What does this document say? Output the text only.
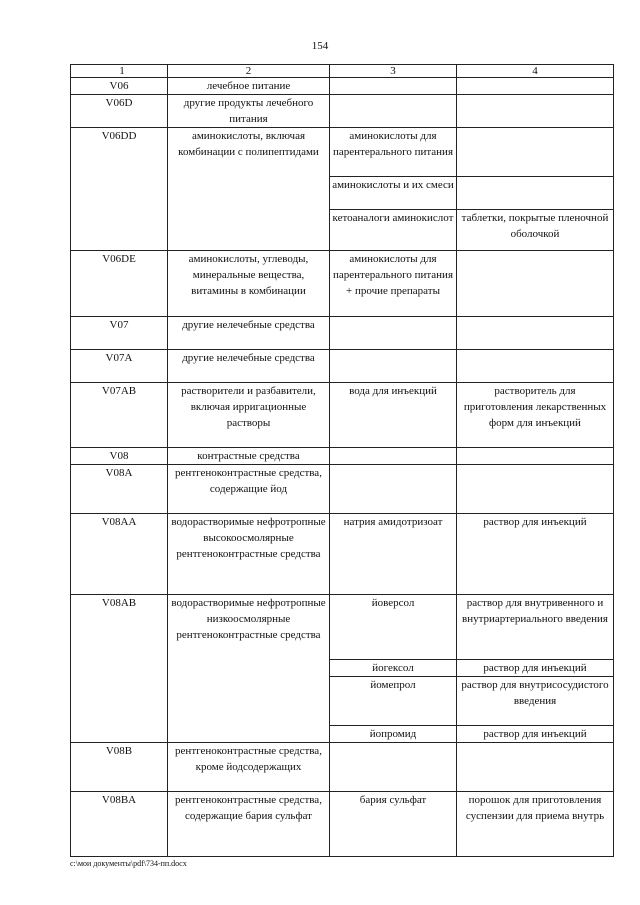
154
1	2	3	4
V06	лечебное питание		
V06D	другие продукты лечебного питания		
V06DD	аминокислоты, включая комбинации с полипептидами	аминокислоты для парентерального питания	
		аминокислоты и их смеси	
		кетоаналоги аминокислот	таблетки, покрытые пленочной оболочкой
V06DE	аминокислоты, углеводы, минеральные вещества, витамины в комбинации	аминокислоты для парентерального питания + прочие препараты	
V07	другие нелечебные средства		
V07A	другие нелечебные средства		
V07AB	растворители и разбавители, включая ирригационные растворы	вода для инъекций	растворитель для приготовления лекарственных форм для инъекций
V08	контрастные средства		
V08A	рентгеноконтрастные средства, содержащие йод		
V08AA	водорастворимые нефротропные высокоосмолярные рентгеноконтрастные средства	натрия амидотризоат	раствор для инъекций
V08AB	водорастворимые нефротропные низкоосмолярные рентгеноконтрастные средства	йоверсол	раствор для внутривенного и внутриартериального введения
		йогексол	раствор для инъекций
		йомепрол	раствор для внутрисосудистого введения
		йопромид	раствор для инъекций
V08B	рентгеноконтрастные средства, кроме йодсодержащих		
V08BA	рентгеноконтрастные средства, содержащие бария сульфат	бария сульфат	порошок для приготовления суспензии для приема внутрь
c:\мои документы\pdf\734-пп.docx
